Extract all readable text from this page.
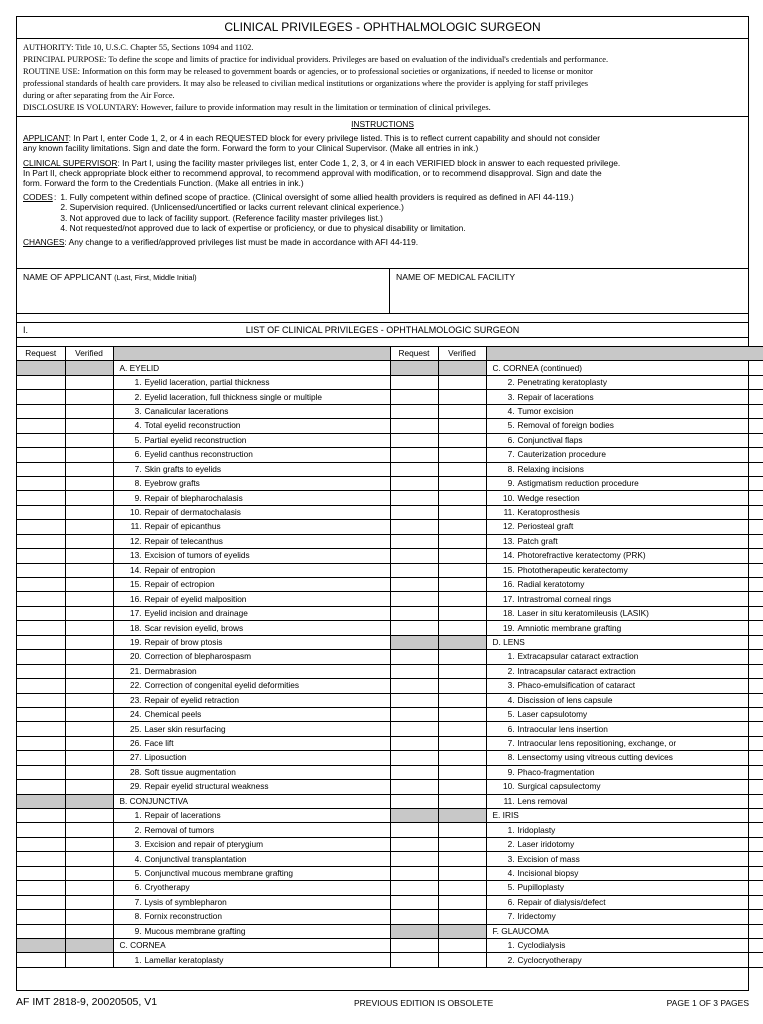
CLINICAL PRIVILEGES - OPHTHALMOLOGIC SURGEON
AUTHORITY: Title 10, U.S.C. Chapter 55, Sections 1094 and 1102.
PRINCIPAL PURPOSE: To define the scope and limits of practice for individual providers. Privileges are based on evaluation of the individual's credentials and performance.
ROUTINE USE: Information on this form may be released to government boards or agencies, or to professional societies or organizations, if needed to license or monitor
professional standards of health care providers. It may also be released to civilian medical institutions or organizations where the provider is applying for staff privileges
during or after separating from the Air Force.
DISCLOSURE IS VOLUNTARY: However, failure to provide information may result in the limitation or termination of clinical privileges.
INSTRUCTIONS
APPLICANT: In Part I, enter Code 1, 2, or 4 in each REQUESTED block for every privilege listed. This is to reflect current capability and should not consider
any known facility limitations. Sign and date the form. Forward the form to your Clinical Supervisor. (Make all entries in ink.)
CLINICAL SUPERVISOR: In Part I, using the facility master privileges list, enter Code 1, 2, 3, or 4 in each VERIFIED block in answer to each requested privilege.
In Part II, check appropriate block either to recommend approval, to recommend approval with modification, or to recommend disapproval. Sign and date the
form. Forward the form to the Credentials Function. (Make all entries in ink.)
CODES : 1. Fully competent within defined scope of practice. (Clinical oversight of some allied health providers is required as defined in AFI 44-119.)
2. Supervision required. (Unlicensed/uncertified or lacks current relevant clinical experience.)
3. Not approved due to lack of facility support. (Reference facility master privileges list.)
4. Not requested/not approved due to lack of expertise or proficiency, or due to physical disability or limitation.
CHANGES: Any change to a verified/approved privileges list must be made in accordance with AFI 44-119.
NAME OF APPLICANT (Last, First, Middle Initial)	NAME OF MEDICAL FACILITY
I.	LIST OF CLINICAL PRIVILEGES - OPHTHALMOLOGIC SURGEON
Request	Verified		Request	Verified	
		A. EYELID			C. CORNEA (continued)
		1. Eyelid laceration, partial thickness			2. Penetrating keratoplasty
		2. Eyelid laceration, full thickness single or multiple			3. Repair of lacerations
		3. Canalicular lacerations			4. Tumor excision
		4. Total eyelid reconstruction			5. Removal of foreign bodies
		5. Partial eyelid reconstruction			6. Conjunctival flaps
		6. Eyelid canthus reconstruction			7. Cauterization procedure
		7. Skin grafts to eyelids			8. Relaxing incisions
		8. Eyebrow grafts			9. Astigmatism reduction procedure
		9. Repair of blepharochalasis			10. Wedge resection
		10. Repair of dermatochalasis			11. Keratoprosthesis
		11. Repair of epicanthus			12. Periosteal graft
		12. Repair of telecanthus			13. Patch graft
		13. Excision of tumors of eyelids			14. Photorefractive keratectomy (PRK)
		14. Repair of entropion			15. Phototherapeutic keratectomy
		15. Repair of ectropion			16. Radial keratotomy
		16. Repair of eyelid malposition			17. Intrastromal corneal rings
		17. Eyelid incision and drainage			18. Laser in situ keratomileusis (LASIK)
		18. Scar revision eyelid, brows			19. Amniotic membrane grafting
		19. Repair of brow ptosis			D. LENS
		20. Correction of blepharospasm			1. Extracapsular cataract extraction
		21. Dermabrasion			2. Intracapsular cataract extraction
		22. Correction of congenital eyelid deformities			3. Phaco-emulsification of cataract
		23. Repair of eyelid retraction			4. Discission of lens capsule
		24. Chemical peels			5. Laser capsulotomy
		25. Laser skin resurfacing			6. Intraocular lens insertion
		26. Face lift			7. Intraocular lens repositioning, exchange, or
		27. Liposuction			8. Lensectomy using vitreous cutting devices
		28. Soft tissue augmentation			9. Phaco-fragmentation
		29. Repair eyelid structural weakness			10. Surgical capsulectomy
		B. CONJUNCTIVA			11. Lens removal
		1. Repair of lacerations			E. IRIS
		2. Removal of tumors			1. Iridoplasty
		3. Excision and repair of pterygium			2. Laser iridotomy
		4. Conjunctival transplantation			3. Excision of mass
		5. Conjunctival mucous membrane grafting			4. Incisional biopsy
		6. Cryotherapy			5. Pupilloplasty
		7. Lysis of symblepharon			6. Repair of dialysis/defect
		8. Fornix reconstruction			7. Iridectomy
		9. Mucous membrane grafting			F. GLAUCOMA
		C. CORNEA			1. Cyclodialysis
		1. Lamellar keratoplasty			2. Cyclocryotherapy
AF IMT 2818-9, 20020505, V1	PREVIOUS EDITION IS OBSOLETE	PAGE 1 OF 3 PAGES
